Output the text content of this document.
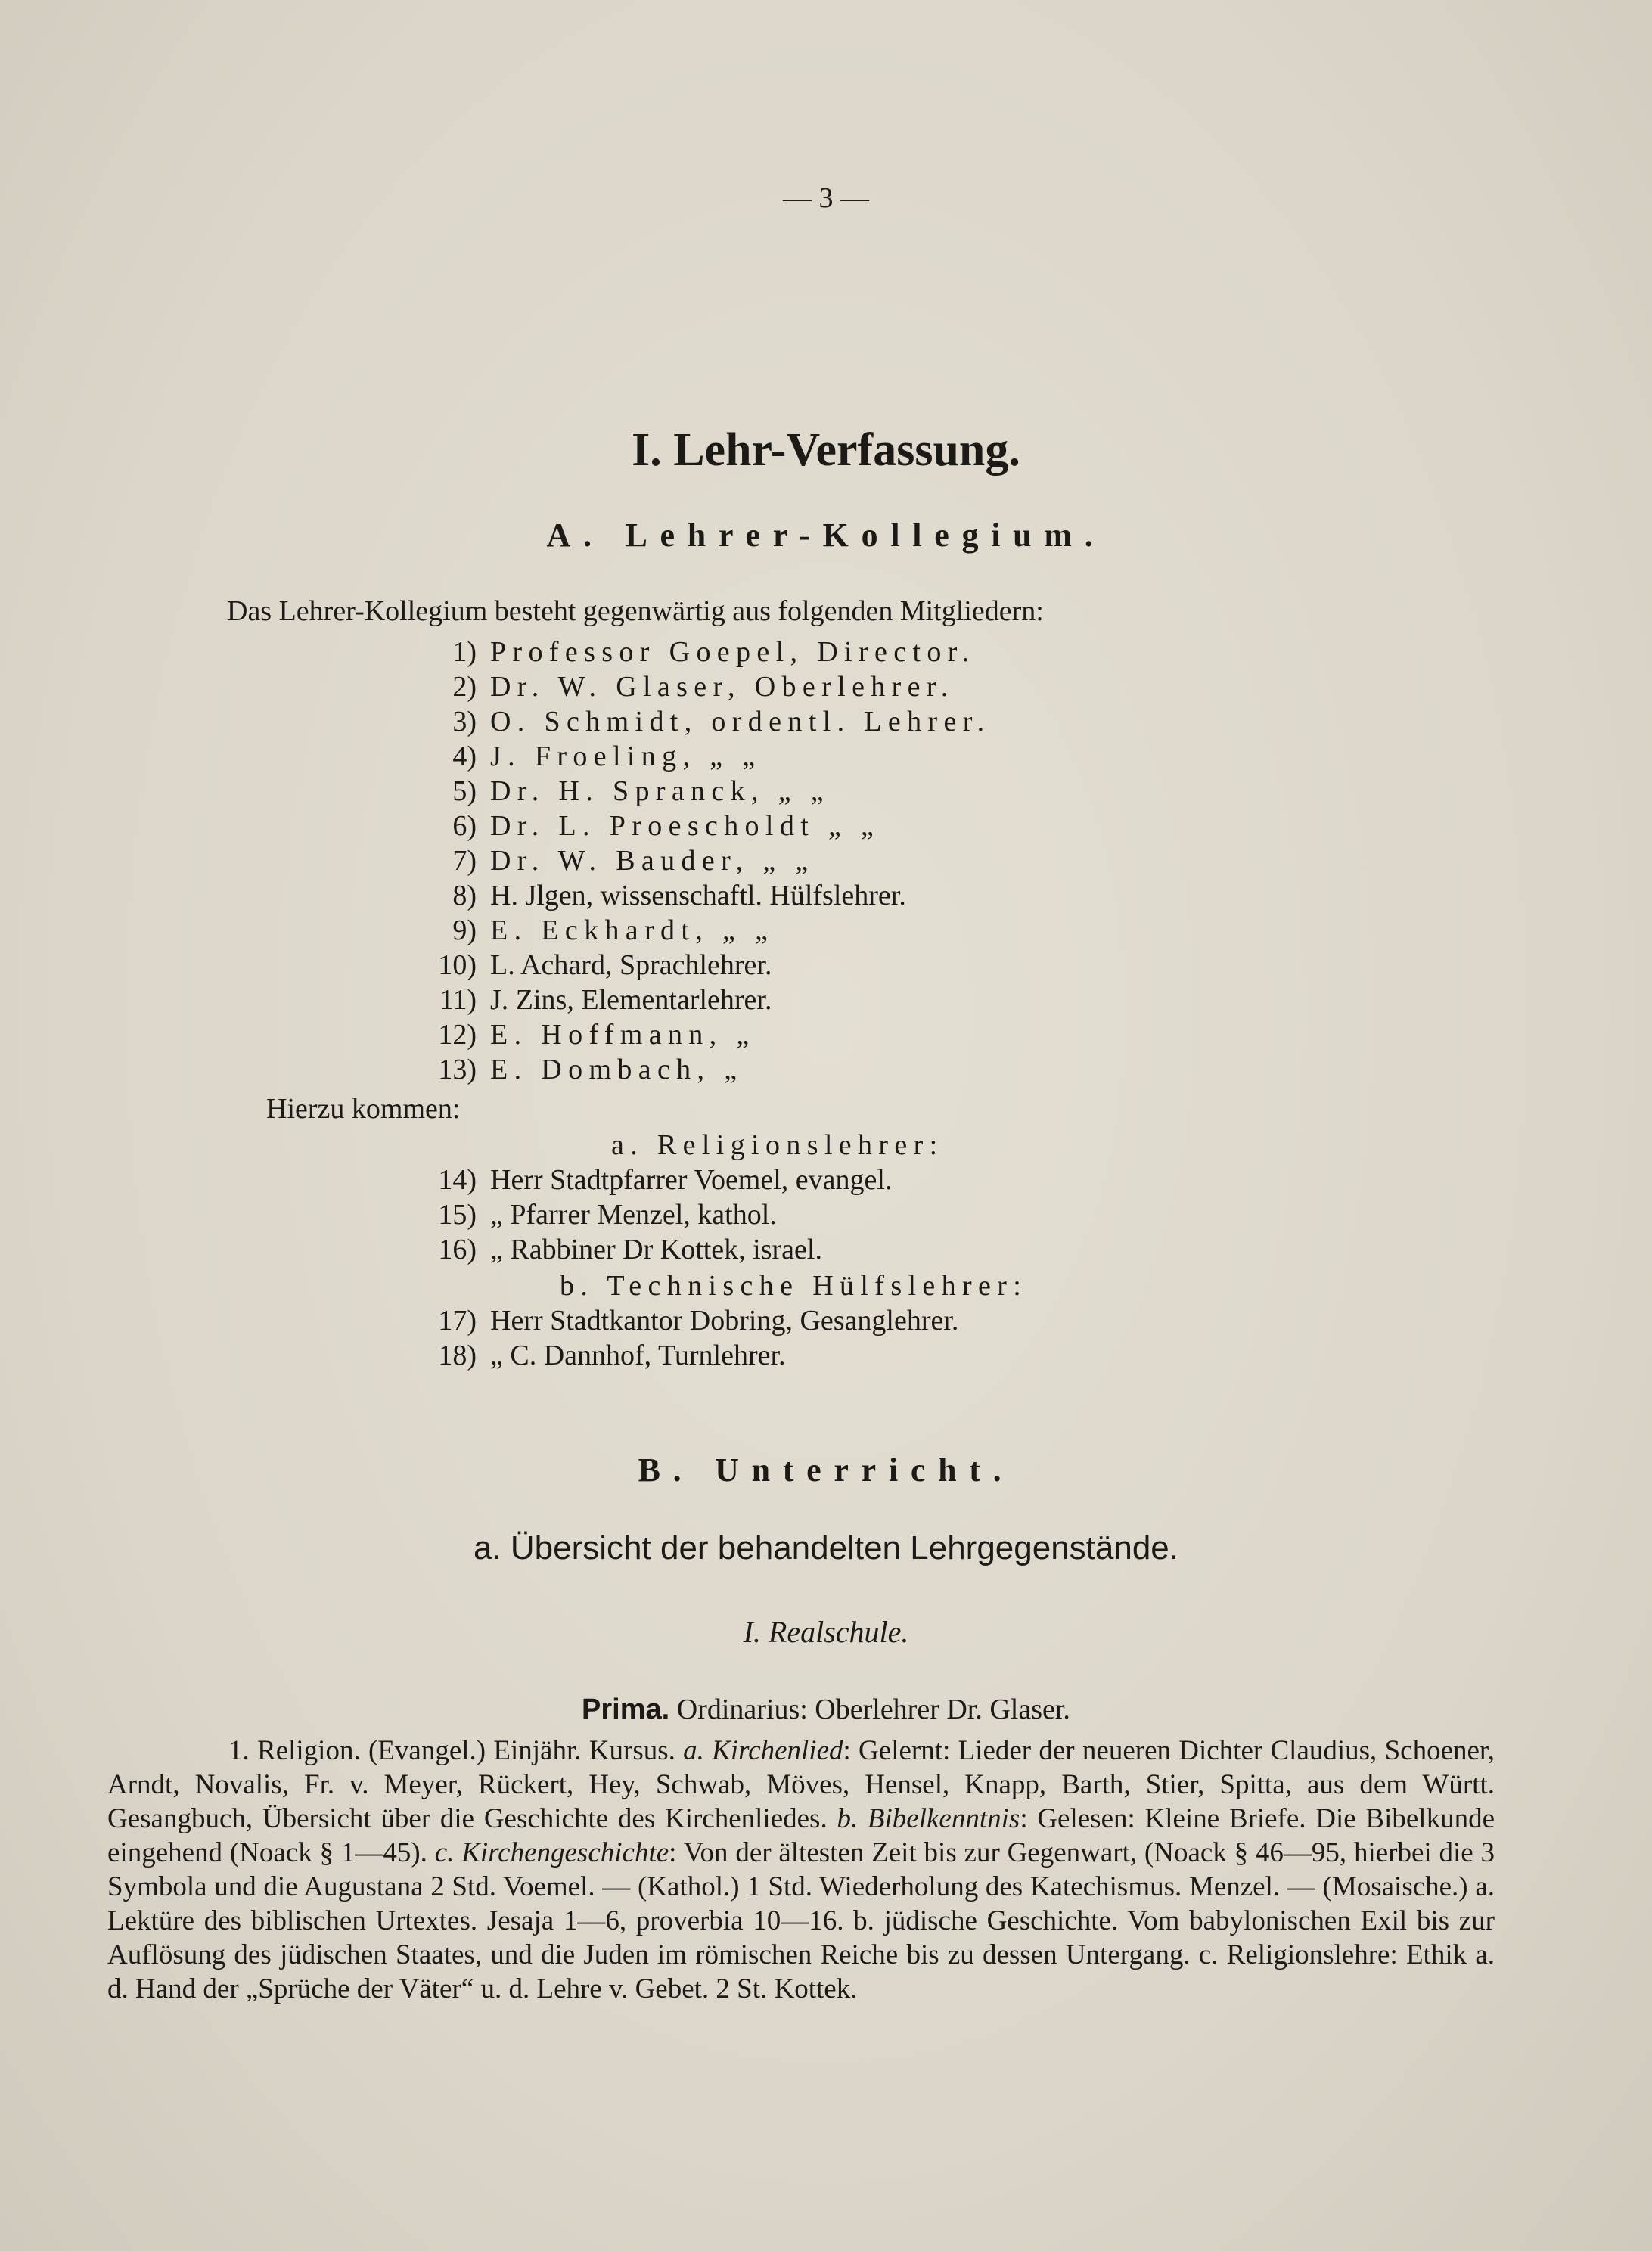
— 3 —
I. Lehr-Verfassung.
A. Lehrer-Kollegium.
Das Lehrer-Kollegium besteht gegenwärtig aus folgenden Mitgliedern:
1) Professor Goepel, Director.
2) Dr. W. Glaser, Oberlehrer.
3) O. Schmidt, ordentl. Lehrer.
4) J. Froeling, „ „
5) Dr. H. Spranck, „ „
6) Dr. L. Proescholdt „ „
7) Dr. W. Bauder, „ „
8) H. Jlgen, wissenschaftl. Hülfslehrer.
9) E. Eckhardt, „ „
10) L. Achard, Sprachlehrer.
11) J. Zins, Elementarlehrer.
12) E. Hoffmann, „
13) E. Dombach, „
Hierzu kommen:
a. Religionslehrer:
14) Herr Stadtpfarrer Voemel, evangel.
15) „ Pfarrer Menzel, kathol.
16) „ Rabbiner Dr Kottek, israel.
b. Technische Hülfslehrer:
17) Herr Stadtkantor Dobring, Gesanglehrer.
18) „ C. Dannhof, Turnlehrer.
B. Unterricht.
a. Übersicht der behandelten Lehrgegenstände.
I. Realschule.
Prima. Ordinarius: Oberlehrer Dr. Glaser.
1. Religion. (Evangel.) Einjähr. Kursus. a. Kirchenlied: Gelernt: Lieder der neueren Dichter Claudius, Schoener, Arndt, Novalis, Fr. v. Meyer, Rückert, Hey, Schwab, Möves, Hensel, Knapp, Barth, Stier, Spitta, aus dem Württ. Gesangbuch, Übersicht über die Geschichte des Kirchenliedes. b. Bibelkenntnis: Gelesen: Kleine Briefe. Die Bibelkunde eingehend (Noack § 1—45). c. Kirchengeschichte: Von der ältesten Zeit bis zur Gegenwart, (Noack § 46—95, hierbei die 3 Symbola und die Augustana 2 Std. Voemel. — (Kathol.) 1 Std. Wiederholung des Katechismus. Menzel. — (Mosaische.) a. Lektüre des biblischen Urtextes. Jesaja 1—6, proverbia 10—16. b. jüdische Geschichte. Vom babylonischen Exil bis zur Auflösung des jüdischen Staates, und die Juden im römischen Reiche bis zu dessen Untergang. c. Religionslehre: Ethik a. d. Hand der „Sprüche der Väter“ u. d. Lehre v. Gebet. 2 St. Kottek.
